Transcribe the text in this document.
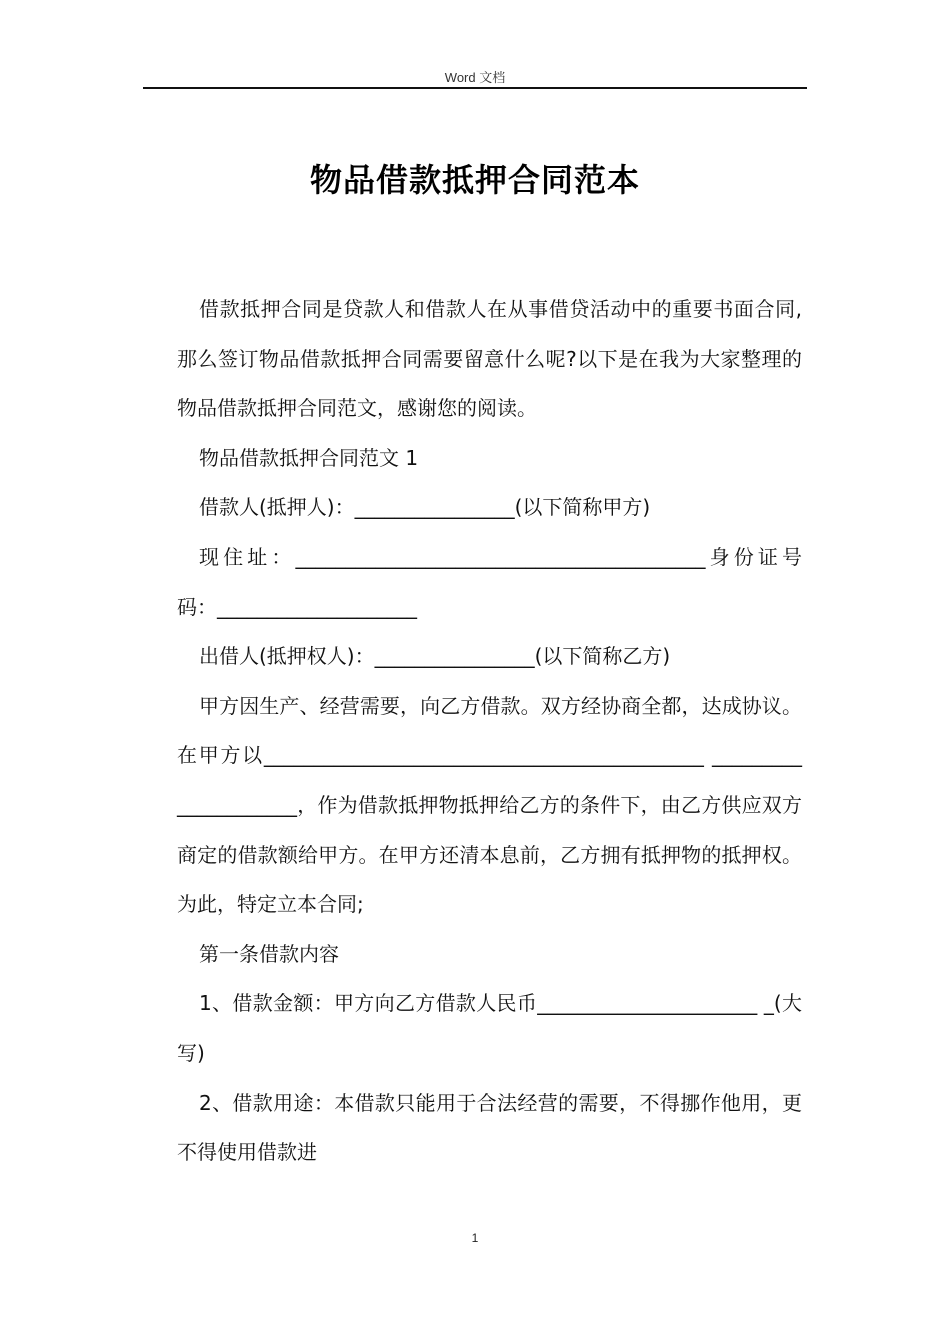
Word 文档
物品借款抵押合同范本

借款抵押合同是贷款人和借款人在从事借贷活动中的重要书面合同,那么签订物品借款抵押合同需要留意什么呢?以下是在我为大家整理的物品借款抵押合同范文，感谢您的阅读。

物品借款抵押合同范文 1

借款人(抵押人)：________________(以下简称甲方)

现住址：_________________________________________身份证号码：____________________

出借人(抵押权人)：________________(以下简称乙方)

甲方因生产、经营需要，向乙方借款。双方经协商全都，达成协议。在甲方以____________________________________________ _____________________，作为借款抵押物抵押给乙方的条件下，由乙方供应双方商定的借款额给甲方。在甲方还清本息前，乙方拥有抵押物的抵押权。为此，特定立本合同;

第一条借款内容

1、借款金额：甲方向乙方借款人民币______________________ _(大写)

2、借款用途：本借款只能用于合法经营的需要，不得挪作他用，更不得使用借款进

1
